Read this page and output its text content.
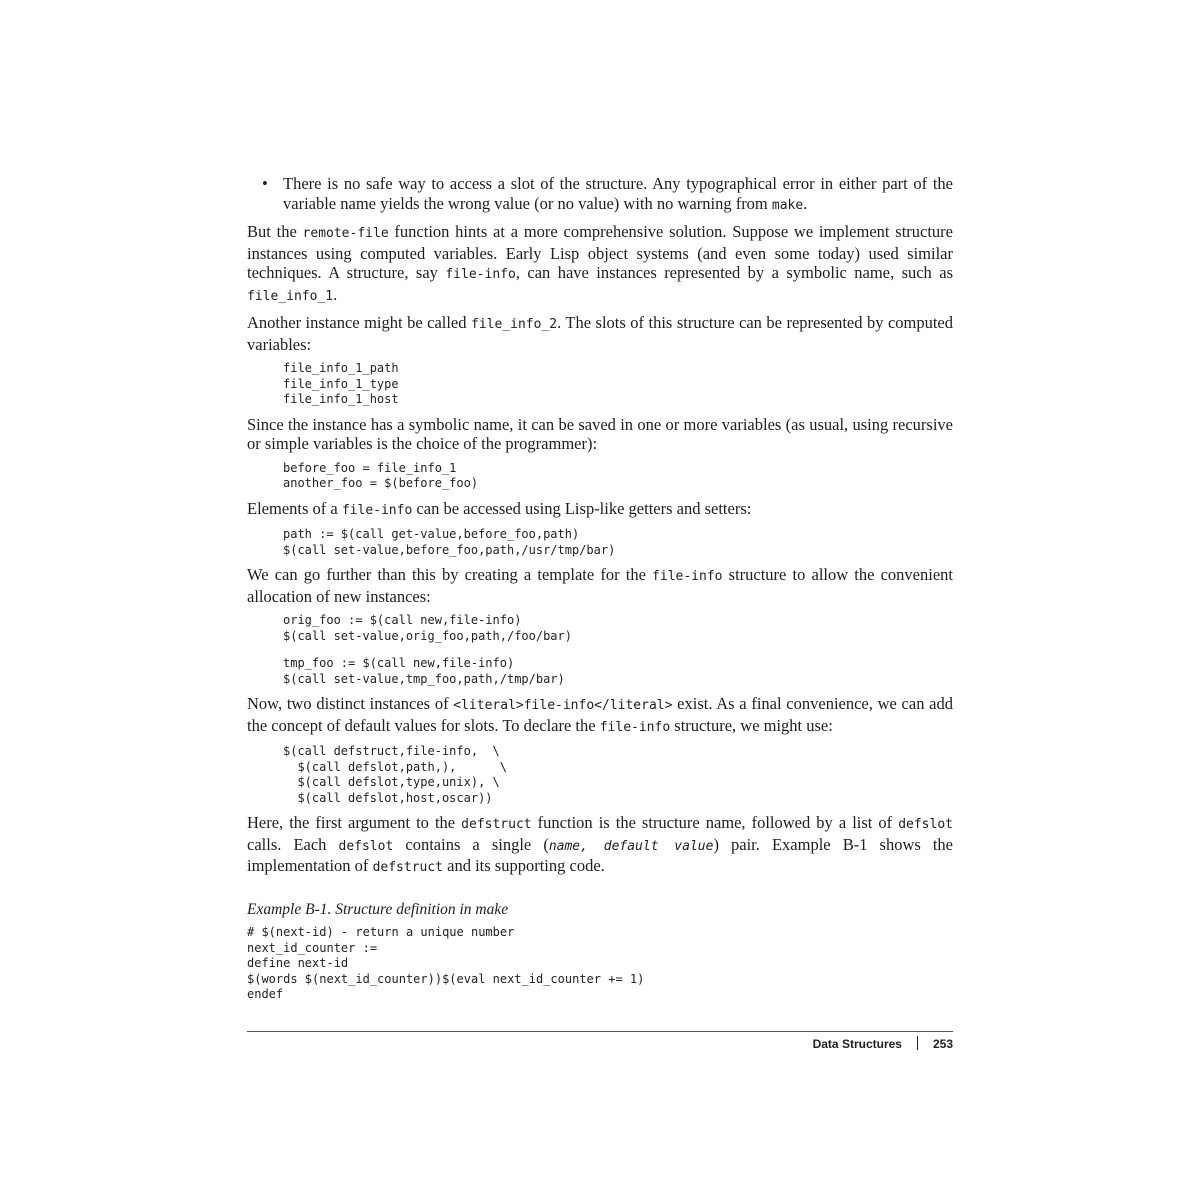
• There is no safe way to access a slot of the structure. Any typographical error in either part of the variable name yields the wrong value (or no value) with no warning from make.

But the remote-file function hints at a more comprehensive solution. Suppose we implement structure instances using computed variables. Early Lisp object systems (and even some today) used similar techniques. A structure, say file-info, can have instances represented by a symbolic name, such as file_info_1.

Another instance might be called file_info_2. The slots of this structure can be represented by computed variables:

file_info_1_path
file_info_1_type
file_info_1_host

Since the instance has a symbolic name, it can be saved in one or more variables (as usual, using recursive or simple variables is the choice of the programmer):

before_foo = file_info_1
another_foo = $(before_foo)

Elements of a file-info can be accessed using Lisp-like getters and setters:

path := $(call get-value,before_foo,path)
$(call set-value,before_foo,path,/usr/tmp/bar)

We can go further than this by creating a template for the file-info structure to allow the convenient allocation of new instances:

orig_foo := $(call new,file-info)
$(call set-value,orig_foo,path,/foo/bar)
tmp_foo := $(call new,file-info)
$(call set-value,tmp_foo,path,/tmp/bar)

Now, two distinct instances of <literal>file-info</literal> exist. As a final convenience, we can add the concept of default values for slots. To declare the file-info structure, we might use:

$(call defstruct,file-info,  \
$(call defslot,path,),      \
$(call defslot,type,unix), \
$(call defslot,host,oscar))

Here, the first argument to the defstruct function is the structure name, followed by a list of defslot calls. Each defslot contains a single (name, default value) pair. Example B-1 shows the implementation of defstruct and its supporting code.

Example B-1. Structure definition in make
# $(next-id) - return a unique number
next_id_counter :=
define next-id
$(words $(next_id_counter))$(eval next_id_counter += 1)
endef
Data Structures	253
